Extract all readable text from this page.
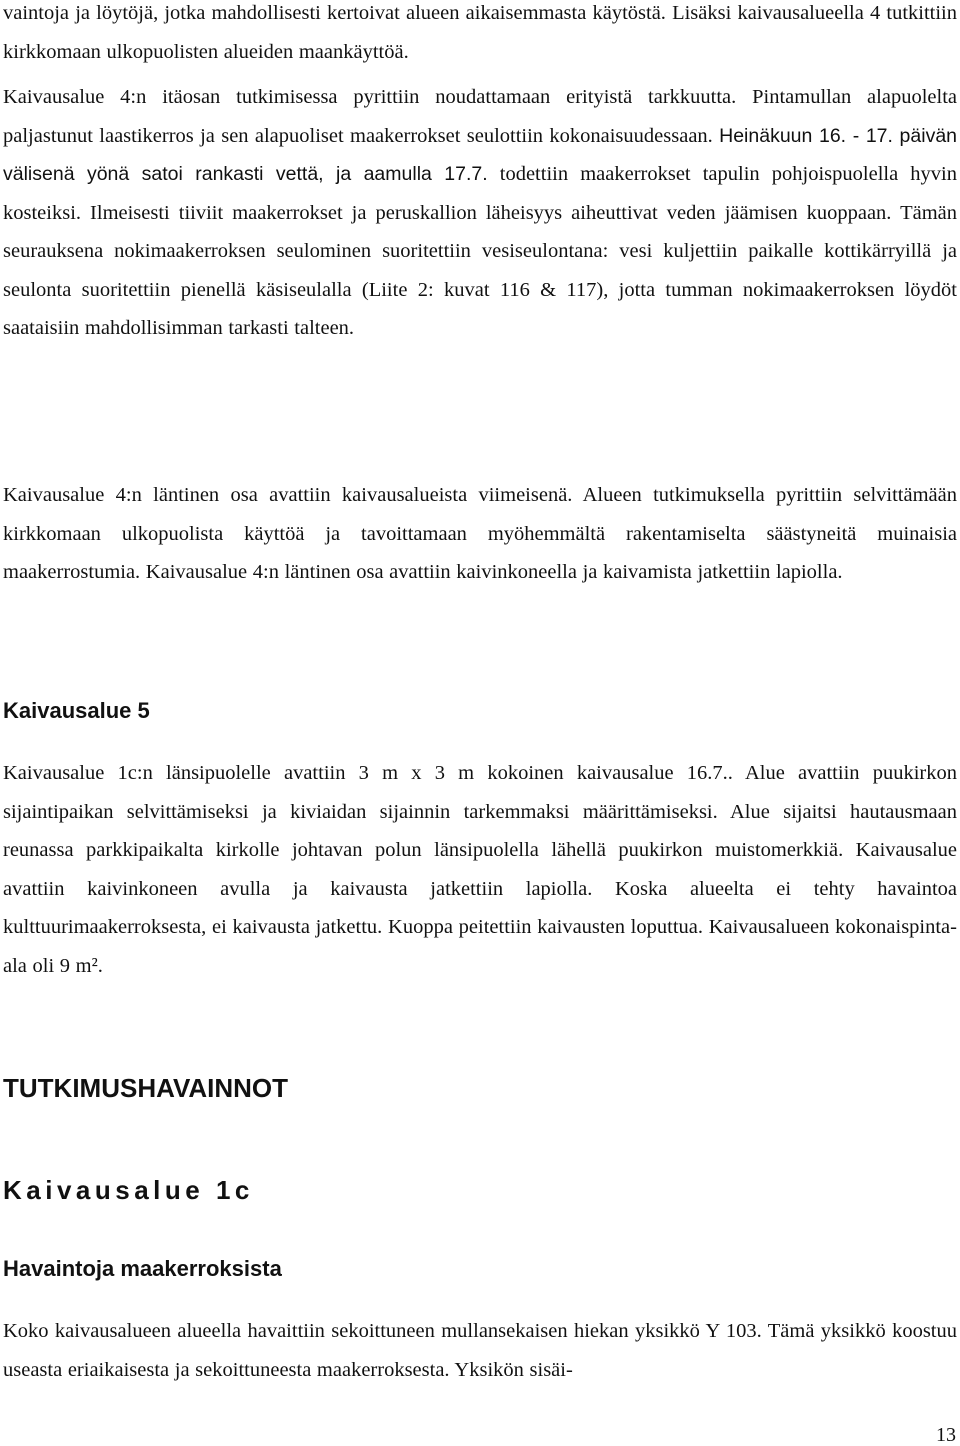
vaintoja ja löytöjä, jotka mahdollisesti kertoivat alueen aikaisemmasta käytöstä. Lisäksi kaivausalueella 4 tutkittiin kirkkomaan ulkopuolisten alueiden maankäyttöä.

Kaivausalue 4:n itäosan tutkimisessa pyrittiin noudattamaan erityistä tarkkuutta. Pintamullan alapuolelta paljastunut laastikerros ja sen alapuoliset maakerrokset seulottiin kokonaisuudessaan. Heinäkuun 16. - 17. päivän välisenä yönä satoi rankasti vettä, ja aamulla 17.7. todettiin maakerrokset tapulin pohjoispuolella hyvin kosteiksi. Ilmeisesti tiiviit maakerrokset ja peruskallion läheisyys aiheuttivat veden jäämisen kuoppaan. Tämän seurauksena nokimaakerroksen seulominen suoritettiin vesiseulontana: vesi kuljettiin paikalle kottikärryillä ja seulonta suoritettiin pienellä käsiseulalla (Liite 2: kuvat 116 & 117), jotta tumman nokimaakerroksen löydöt saataisiin mahdollisimman tarkasti talteen.

Kaivausalue 4:n läntinen osa avattiin kaivausalueista viimeisenä. Alueen tutkimuksella pyrittiin selvittämään kirkkomaan ulkopuolista käyttöä ja tavoittamaan myöhemmältä rakentamiselta säästyneitä muinaisia maakerrostumia. Kaivausalue 4:n läntinen osa avattiin kaivinkoneella ja kaivamista jatkettiin lapiolla.

Kaivausalue 5

Kaivausalue 1c:n länsipuolelle avattiin 3 m x 3 m kokoinen kaivausalue 16.7.. Alue avattiin puukirkon sijaintipaikan selvittämiseksi ja kiviaidan sijainnin tarkemmaksi määrittämiseksi. Alue sijaitsi hautausmaan reunassa parkkipaikalta kirkolle johtavan polun länsipuolella lähellä puukirkon muistomerkkiä. Kaivausalue avattiin kaivinkoneen avulla ja kaivausta jatkettiin lapiolla. Koska alueelta ei tehty havaintoa kulttuurimaakerroksesta, ei kaivausta jatkettu. Kuoppa peitettiin kaivausten loputtua. Kaivausalueen kokonaispinta-ala oli 9 m².

TUTKIMUSHAVAINNOT
Kaivausalue 1c
Havaintoja maakerroksista

Koko kaivausalueen alueella havaittiin sekoittuneen mullansekaisen hiekan yksikkö Y 103. Tämä yksikkö koostuu useasta eriaikaisesta ja sekoittuneesta maakerroksesta. Yksikön sisäi-

13
